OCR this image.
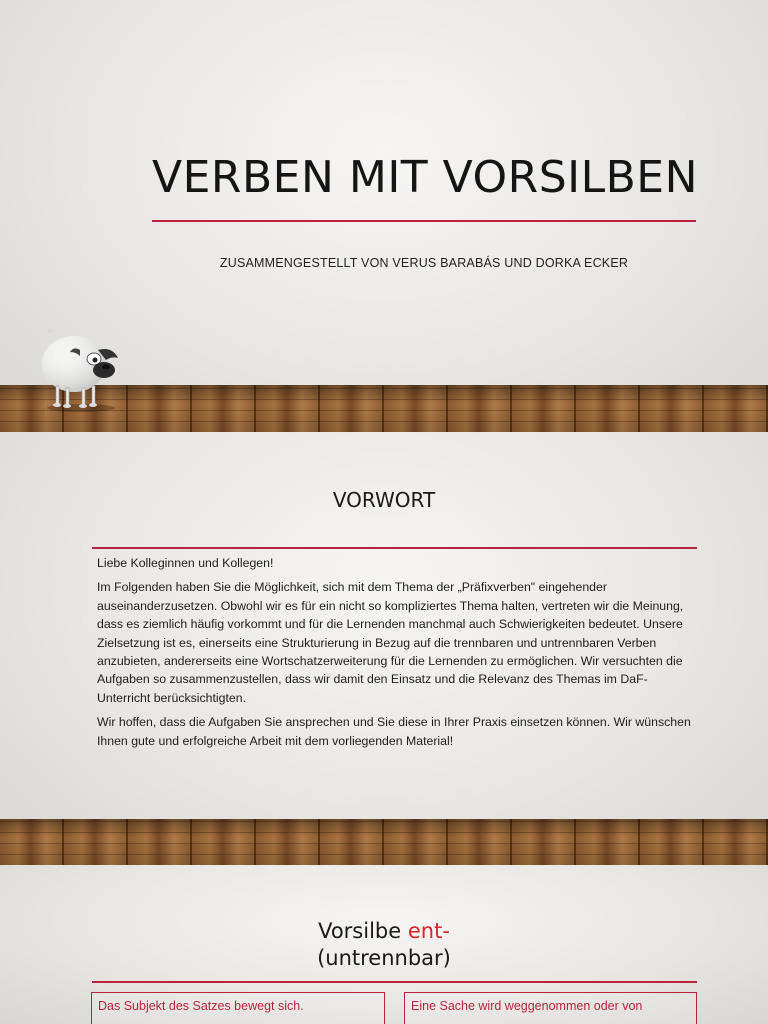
VERBEN MIT VORSILBEN
ZUSAMMENGESTELLT VON VERUS BARABÁS UND DORKA ECKER
VORWORT

Liebe Kolleginnen und Kollegen!

Im Folgenden haben Sie die Möglichkeit, sich mit dem Thema der „Präfixverben" eingehender auseinanderzusetzen. Obwohl wir es für ein nicht so kompliziertes Thema halten, vertreten wir die Meinung, dass es ziemlich häufig vorkommt und für die Lernenden manchmal auch Schwierigkeiten bedeutet. Unsere Zielsetzung ist es, einerseits eine Strukturierung in Bezug auf die trennbaren und untrennbaren Verben anzubieten, andererseits eine Wortschatzerweiterung für die Lernenden zu ermöglichen. Wir versuchten die Aufgaben so zusammenzustellen, dass wir damit den Einsatz und die Relevanz des Themas im DaF-Unterricht berücksichtigten.

Wir hoffen, dass die Aufgaben Sie ansprechen und Sie diese in Ihrer Praxis einsetzen können. Wir wünschen Ihnen gute und erfolgreiche Arbeit mit dem vorliegenden Material!

Vorsilbe ent-
(untrennbar)
Das Subjekt des Satzes bewegt sich.	Eine Sache wird weggenommen oder von
